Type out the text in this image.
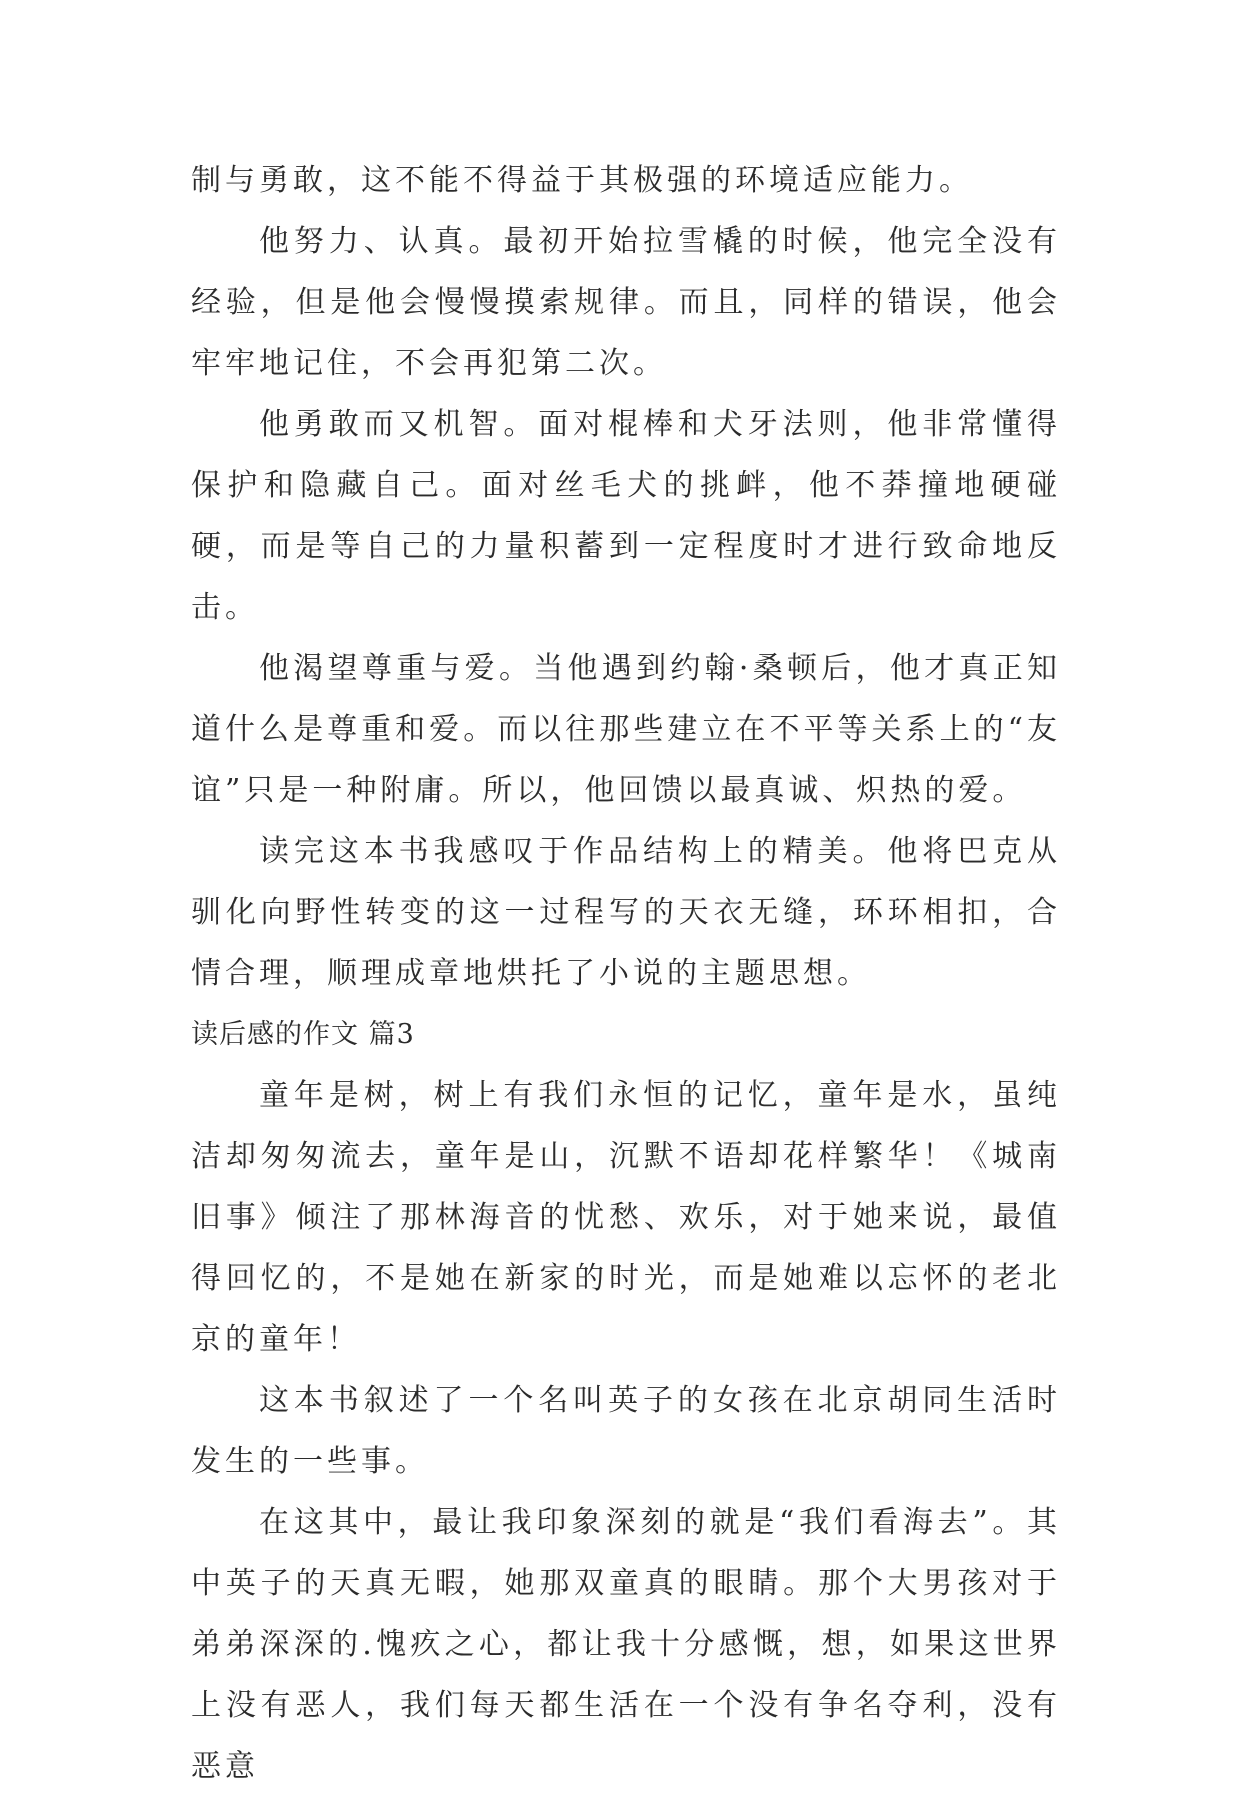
制与勇敢，这不能不得益于其极强的环境适应能力。

他努力、认真。最初开始拉雪橇的时候，他完全没有经验，但是他会慢慢摸索规律。而且，同样的错误，他会牢牢地记住，不会再犯第二次。

他勇敢而又机智。面对棍棒和犬牙法则，他非常懂得保护和隐藏自己。面对丝毛犬的挑衅，他不莽撞地硬碰硬，而是等自己的力量积蓄到一定程度时才进行致命地反击。

他渴望尊重与爱。当他遇到约翰·桑顿后，他才真正知道什么是尊重和爱。而以往那些建立在不平等关系上的“友谊”只是一种附庸。所以，他回馈以最真诚、炽热的爱。

读完这本书我感叹于作品结构上的精美。他将巴克从驯化向野性转变的这一过程写的天衣无缝，环环相扣，合情合理，顺理成章地烘托了小说的主题思想。

读后感的作文 篇3

童年是树，树上有我们永恒的记忆，童年是水，虽纯洁却匆匆流去，童年是山，沉默不语却花样繁华！《城南旧事》倾注了那林海音的忧愁、欢乐，对于她来说，最值得回忆的，不是她在新家的时光，而是她难以忘怀的老北京的童年！

这本书叙述了一个名叫英子的女孩在北京胡同生活时发生的一些事。

在这其中，最让我印象深刻的就是“我们看海去”。其中英子的天真无暇，她那双童真的眼睛。那个大男孩对于弟弟深深的.愧疚之心，都让我十分感慨，想，如果这世界上没有恶人，我们每天都生活在一个没有争名夺利，没有恶意
